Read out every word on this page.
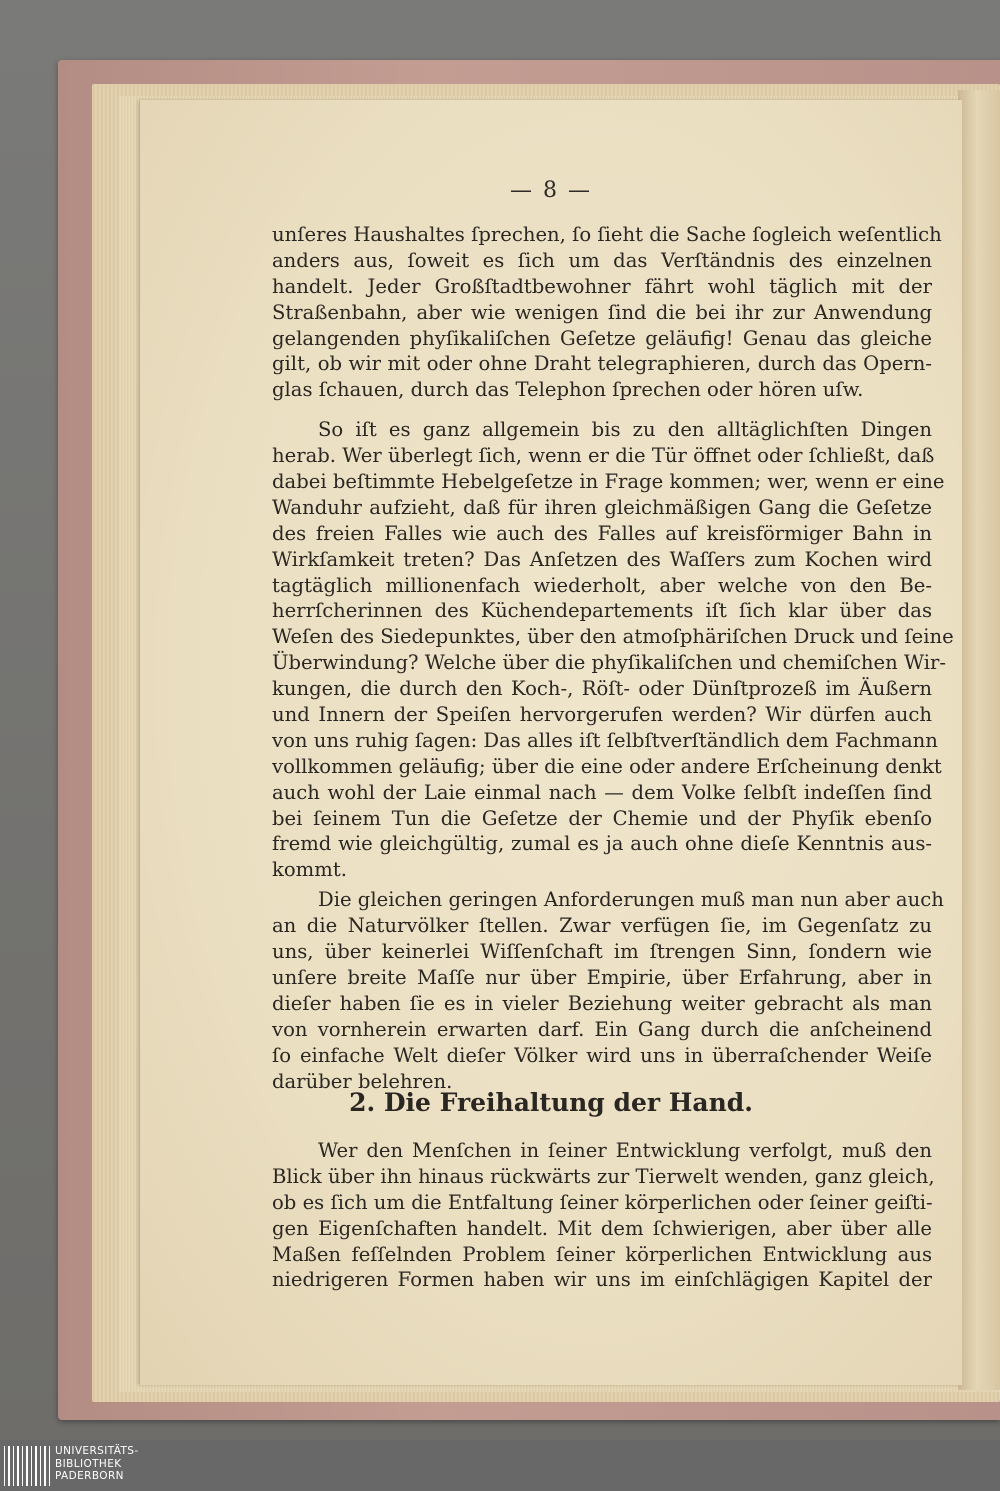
— 8 —
unſeres Haushaltes ſprechen, ſo ſieht die Sache ſogleich weſentlich
anders aus, ſoweit es ſich um das Verſtändnis des einzelnen
handelt. Jeder Großſtadtbewohner fährt wohl täglich mit der
Straßenbahn, aber wie wenigen ſind die bei ihr zur Anwendung
gelangenden phyſikaliſchen Geſetze geläufig! Genau das gleiche
gilt, ob wir mit oder ohne Draht telegraphieren, durch das Opern-
glas ſchauen, durch das Telephon ſprechen oder hören uſw.
So iſt es ganz allgemein bis zu den alltäglichſten Dingen
herab. Wer überlegt ſich, wenn er die Tür öffnet oder ſchließt, daß
dabei beſtimmte Hebelgeſetze in Frage kommen; wer, wenn er eine
Wanduhr aufzieht, daß für ihren gleichmäßigen Gang die Geſetze
des freien Falles wie auch des Falles auf kreisförmiger Bahn in
Wirkſamkeit treten? Das Anſetzen des Waſſers zum Kochen wird
tagtäglich millionenfach wiederholt, aber welche von den Be-
herrſcherinnen des Küchendepartements iſt ſich klar über das
Weſen des Siedepunktes, über den atmoſphäriſchen Druck und ſeine
Überwindung? Welche über die phyſikaliſchen und chemiſchen Wir-
kungen, die durch den Koch-, Röſt- oder Dünſtprozeß im Äußern
und Innern der Speiſen hervorgerufen werden? Wir dürfen auch
von uns ruhig ſagen: Das alles iſt ſelbſtverſtändlich dem Fachmann
vollkommen geläufig; über die eine oder andere Erſcheinung denkt
auch wohl der Laie einmal nach — dem Volke ſelbſt indeſſen ſind
bei ſeinem Tun die Geſetze der Chemie und der Phyſik ebenſo
fremd wie gleichgültig, zumal es ja auch ohne dieſe Kenntnis aus-
kommt.
Die gleichen geringen Anforderungen muß man nun aber auch
an die Naturvölker ſtellen. Zwar verfügen ſie, im Gegenſatz zu
uns, über keinerlei Wiſſenſchaft im ſtrengen Sinn, ſondern wie
unſere breite Maſſe nur über Empirie, über Erfahrung, aber in
dieſer haben ſie es in vieler Beziehung weiter gebracht als man
von vornherein erwarten darf. Ein Gang durch die anſcheinend
ſo einfache Welt dieſer Völker wird uns in überraſchender Weiſe
darüber belehren.
2. Die Freihaltung der Hand.
Wer den Menſchen in ſeiner Entwicklung verfolgt, muß den
Blick über ihn hinaus rückwärts zur Tierwelt wenden, ganz gleich,
ob es ſich um die Entfaltung ſeiner körperlichen oder ſeiner geiſti-
gen Eigenſchaften handelt. Mit dem ſchwierigen, aber über alle
Maßen feſſelnden Problem ſeiner körperlichen Entwicklung aus
niedrigeren Formen haben wir uns im einſchlägigen Kapitel der
UNIVERSITÄTS-
BIBLIOTHEK
PADERBORN
